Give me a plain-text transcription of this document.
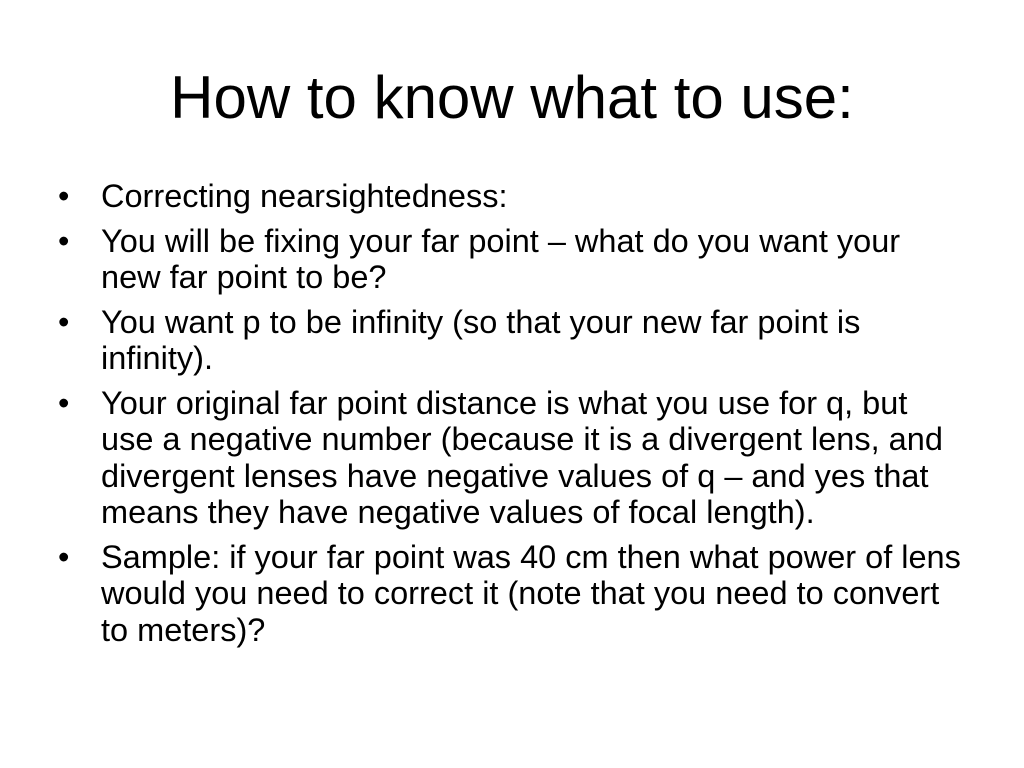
How to know what to use:
• Correcting nearsightedness:
• You will be fixing your far point – what do you want your new far point to be?
• You want p to be infinity (so that your new far point is infinity).
• Your original far point distance is what you use for q, but use a negative number (because it is a divergent lens, and divergent lenses have negative values of q – and yes that means they have negative values of focal length).
• Sample: if your far point was 40 cm then what power of lens would you need to correct it (note that you need to convert to meters)?
